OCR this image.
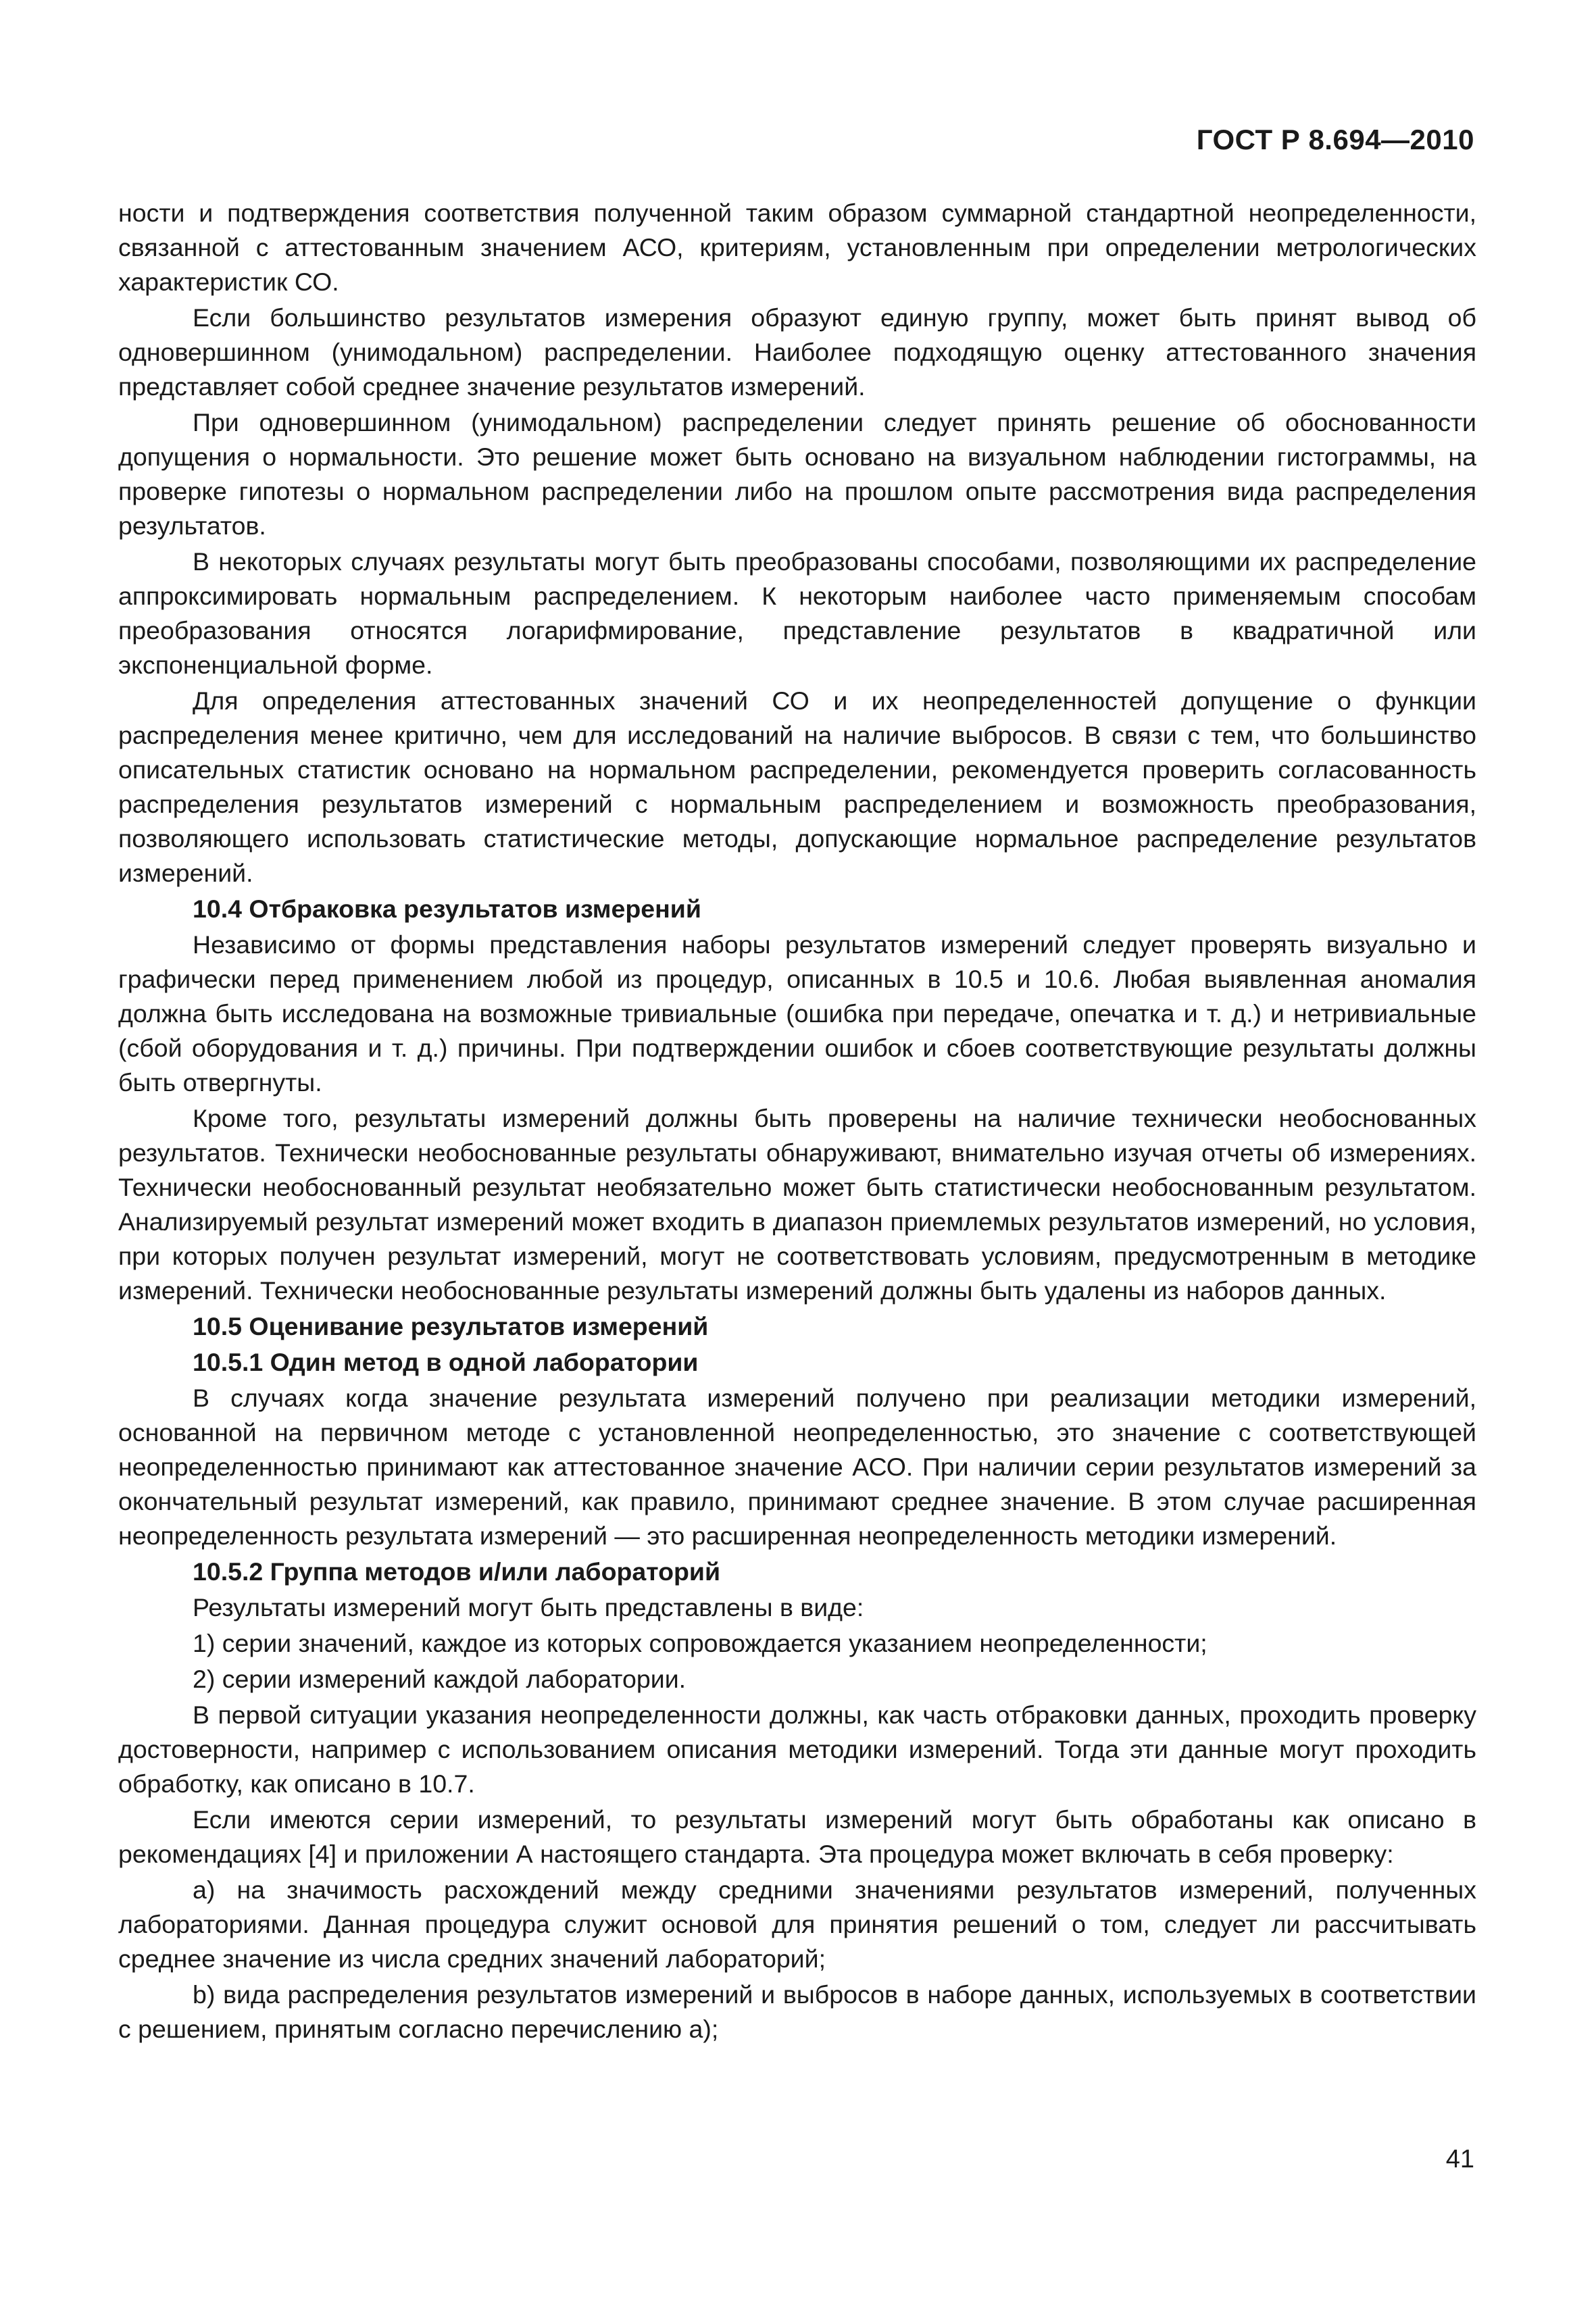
ГОСТ Р 8.694—2010

ности и подтверждения соответствия полученной таким образом суммарной стандартной неопределенности, связанной с аттестованным значением АСО, критериям, установленным при определении метрологических характеристик СО.

Если большинство результатов измерения образуют единую группу, может быть принят вывод об одновершинном (унимодальном) распределении. Наиболее подходящую оценку аттестованного значения представляет собой среднее значение результатов измерений.

При одновершинном (унимодальном) распределении следует принять решение об обоснованности допущения о нормальности. Это решение может быть основано на визуальном наблюдении гистограммы, на проверке гипотезы о нормальном распределении либо на прошлом опыте рассмотрения вида распределения результатов.

В некоторых случаях результаты могут быть преобразованы способами, позволяющими их распределение аппроксимировать нормальным распределением. К некоторым наиболее часто применяемым способам преобразования относятся логарифмирование, представление результатов в квадратичной или экспоненциальной форме.

Для определения аттестованных значений СО и их неопределенностей допущение о функции распределения менее критично, чем для исследований на наличие выбросов. В связи с тем, что большинство описательных статистик основано на нормальном распределении, рекомендуется проверить согласованность распределения результатов измерений с нормальным распределением и возможность преобразования, позволяющего использовать статистические методы, допускающие нормальное распределение результатов измерений.

10.4 Отбраковка результатов измерений

Независимо от формы представления наборы результатов измерений следует проверять визуально и графически перед применением любой из процедур, описанных в 10.5 и 10.6. Любая выявленная аномалия должна быть исследована на возможные тривиальные (ошибка при передаче, опечатка и т. д.) и нетривиальные (сбой оборудования и т. д.) причины. При подтверждении ошибок и сбоев соответствующие результаты должны быть отвергнуты.

Кроме того, результаты измерений должны быть проверены на наличие технически необоснованных результатов. Технически необоснованные результаты обнаруживают, внимательно изучая отчеты об измерениях. Технически необоснованный результат необязательно может быть статистически необоснованным результатом. Анализируемый результат измерений может входить в диапазон приемлемых результатов измерений, но условия, при которых получен результат измерений, могут не соответствовать условиям, предусмотренным в методике измерений. Технически необоснованные результаты измерений должны быть удалены из наборов данных.

10.5 Оценивание результатов измерений

10.5.1 Один метод в одной лаборатории

В случаях когда значение результата измерений получено при реализации методики измерений, основанной на первичном методе с установленной неопределенностью, это значение с соответствующей неопределенностью принимают как аттестованное значение АСО. При наличии серии результатов измерений за окончательный результат измерений, как правило, принимают среднее значение. В этом случае расширенная неопределенность результата измерений — это расширенная неопределенность методики измерений.

10.5.2 Группа методов и/или лабораторий

Результаты измерений могут быть представлены в виде:

1) серии значений, каждое из которых сопровождается указанием неопределенности;

2) серии измерений каждой лаборатории.

В первой ситуации указания неопределенности должны, как часть отбраковки данных, проходить проверку достоверности, например с использованием описания методики измерений. Тогда эти данные могут проходить обработку, как описано в 10.7.

Если имеются серии измерений, то результаты измерений могут быть обработаны как описано в рекомендациях [4] и приложении А настоящего стандарта. Эта процедура может включать в себя проверку:

а) на значимость расхождений между средними значениями результатов измерений, полученных лабораториями. Данная процедура служит основой для принятия решений о том, следует ли рассчитывать среднее значение из числа средних значений лабораторий;

b) вида распределения результатов измерений и выбросов в наборе данных, используемых в соответствии с решением, принятым согласно перечислению а);

41
